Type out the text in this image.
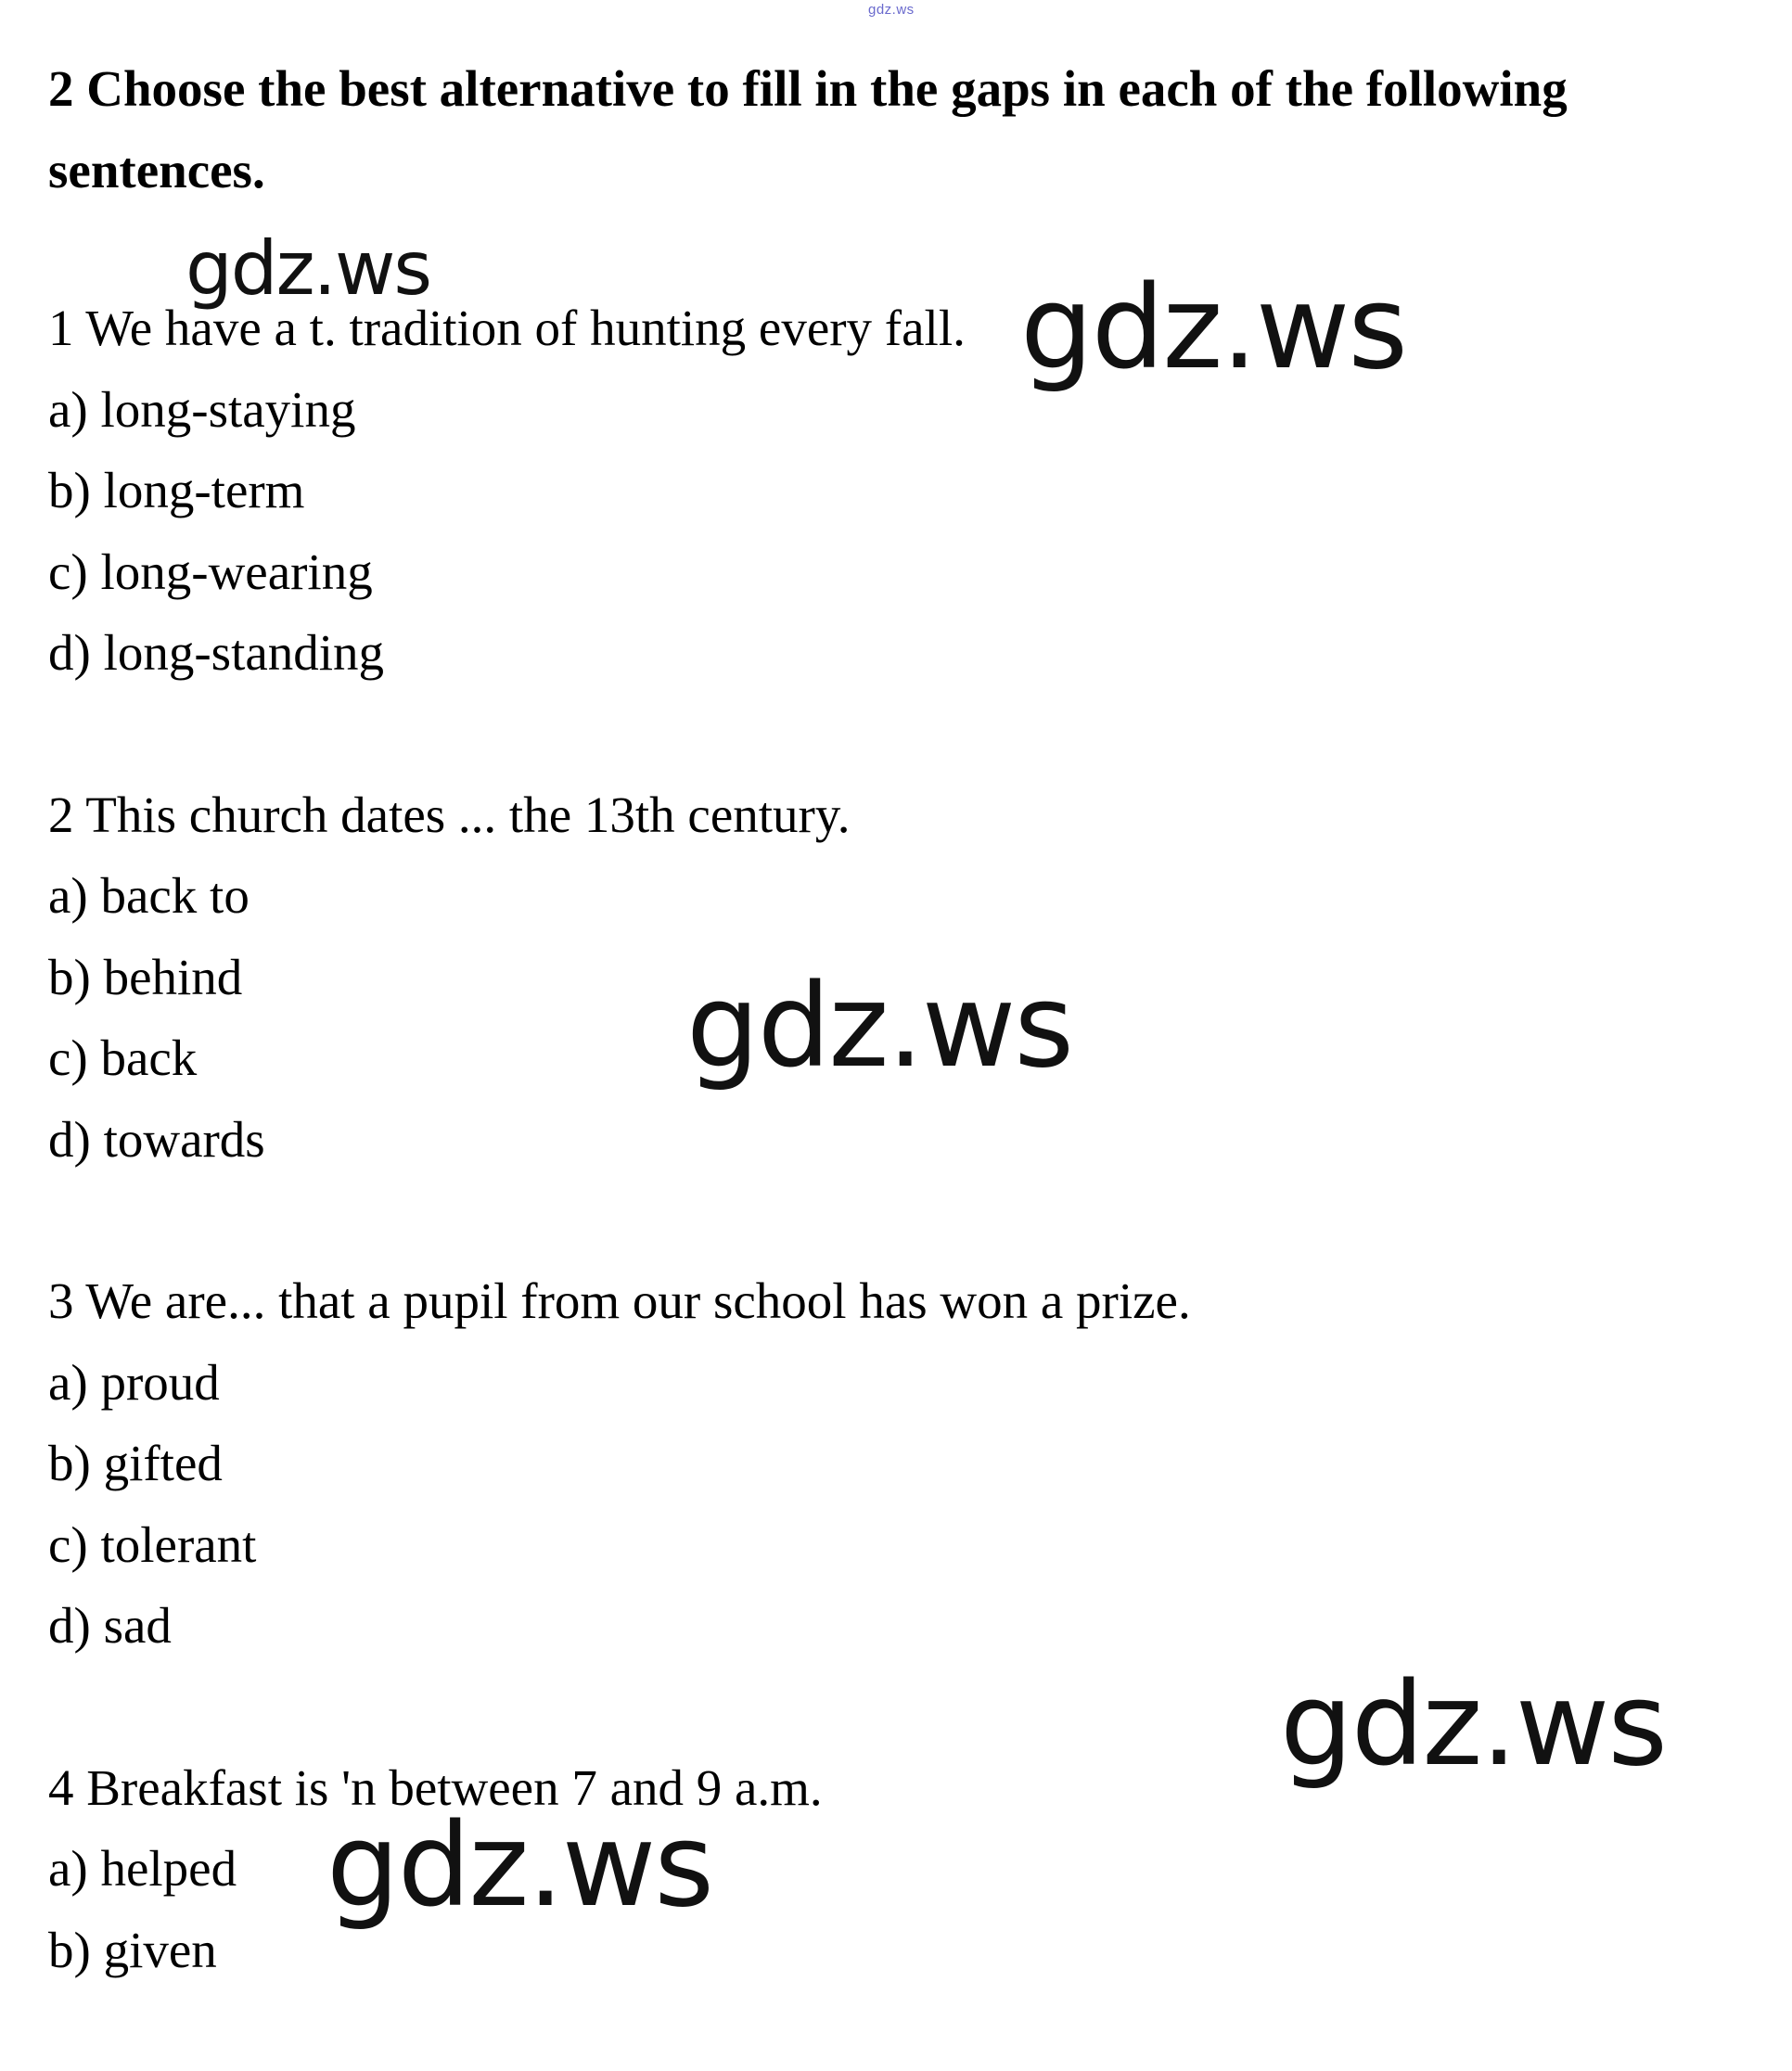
gdz.ws
2 Choose the best alternative to fill in the gaps in each of the following sentences.
1 We have a t. tradition of hunting every fall.
a) long-staying
b) long-term
c) long-wearing
d) long-standing
2 This church dates ... the 13th century.
a) back to
b) behind
c) back
d) towards
3 We are... that a pupil from our school has won a prize.
a) proud
b) gifted
c) tolerant
d) sad
4 Breakfast is 'n between 7 and 9 a.m.
a) helped
b) given
gdz.ws	gdz.ws
gdz.ws
gdz.ws
gdz.ws
